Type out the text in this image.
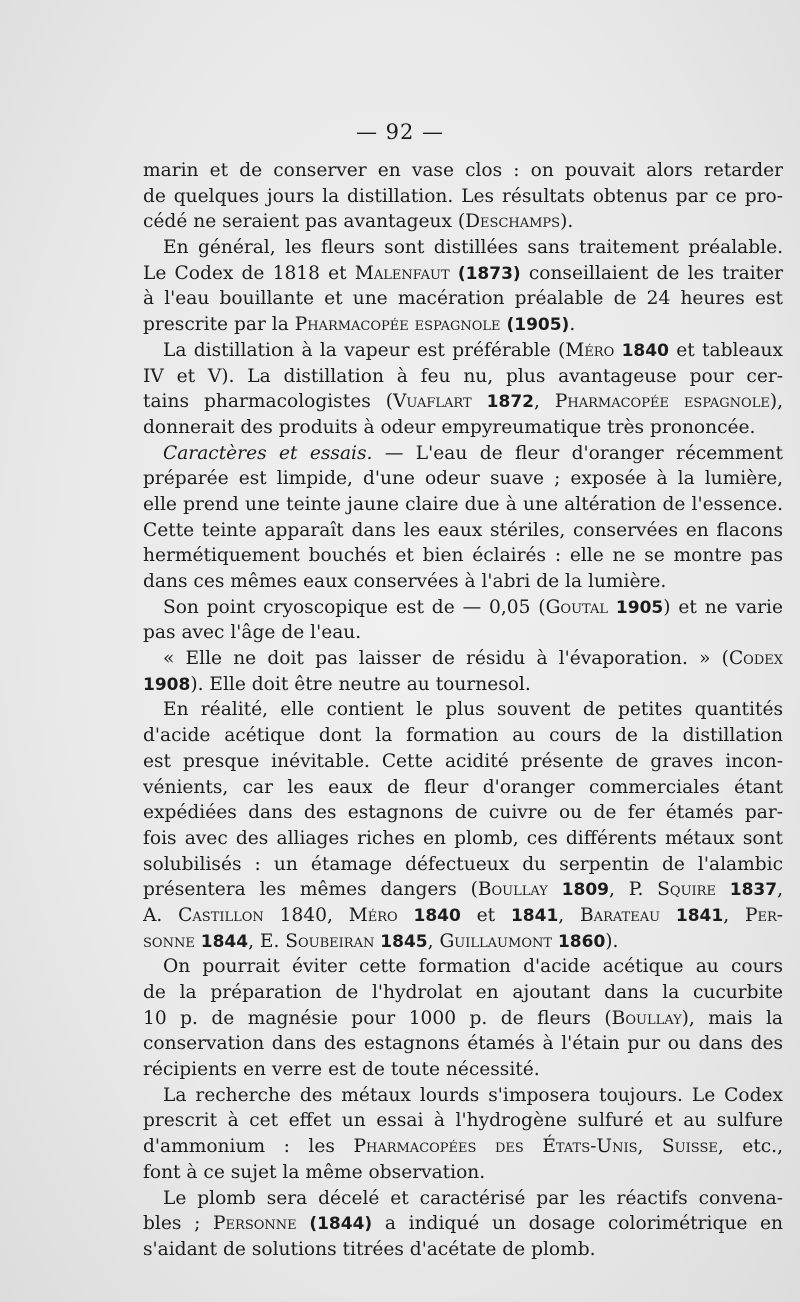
— 92 —
marin et de conserver en vase clos : on pouvait alors retarder
de quelques jours la distillation. Les résultats obtenus par ce pro-
cédé ne seraient pas avantageux (Deschamps).
En général, les fleurs sont distillées sans traitement préalable.
Le Codex de 1818 et Malenfaut (1873) conseillaient de les traiter
à l'eau bouillante et une macération préalable de 24 heures est
prescrite par la Pharmacopée espagnole (1905).
La distillation à la vapeur est préférable (Méro 1840 et tableaux
IV et V). La distillation à feu nu, plus avantageuse pour cer-
tains pharmacologistes (Vuaflart 1872, Pharmacopée espagnole),
donnerait des produits à odeur empyreumatique très prononcée.
Caractères et essais. — L'eau de fleur d'oranger récemment
préparée est limpide, d'une odeur suave ; exposée à la lumière,
elle prend une teinte jaune claire due à une altération de l'essence.
Cette teinte apparaît dans les eaux stériles, conservées en flacons
hermétiquement bouchés et bien éclairés : elle ne se montre pas
dans ces mêmes eaux conservées à l'abri de la lumière.
Son point cryoscopique est de — 0,05 (Goutal 1905) et ne varie
pas avec l'âge de l'eau.
« Elle ne doit pas laisser de résidu à l'évaporation. » (Codex
1908). Elle doit être neutre au tournesol.
En réalité, elle contient le plus souvent de petites quantités
d'acide acétique dont la formation au cours de la distillation
est presque inévitable. Cette acidité présente de graves incon-
vénients, car les eaux de fleur d'oranger commerciales étant
expédiées dans des estagnons de cuivre ou de fer étamés par-
fois avec des alliages riches en plomb, ces différents métaux sont
solubilisés : un étamage défectueux du serpentin de l'alambic
présentera les mêmes dangers (Boullay 1809, P. Squire 1837,
A. Castillon 1840, Méro 1840 et 1841, Barateau 1841, Per-
sonne 1844, E. Soubeiran 1845, Guillaumont 1860).
On pourrait éviter cette formation d'acide acétique au cours
de la préparation de l'hydrolat en ajoutant dans la cucurbite
10 p. de magnésie pour 1000 p. de fleurs (Boullay), mais la
conservation dans des estagnons étamés à l'étain pur ou dans des
récipients en verre est de toute nécessité.
La recherche des métaux lourds s'imposera toujours. Le Codex
prescrit à cet effet un essai à l'hydrogène sulfuré et au sulfure
d'ammonium : les Pharmacopées des États-Unis, Suisse, etc.,
font à ce sujet la même observation.
Le plomb sera décelé et caractérisé par les réactifs convena-
bles ; Personne (1844) a indiqué un dosage colorimétrique en
s'aidant de solutions titrées d'acétate de plomb.
